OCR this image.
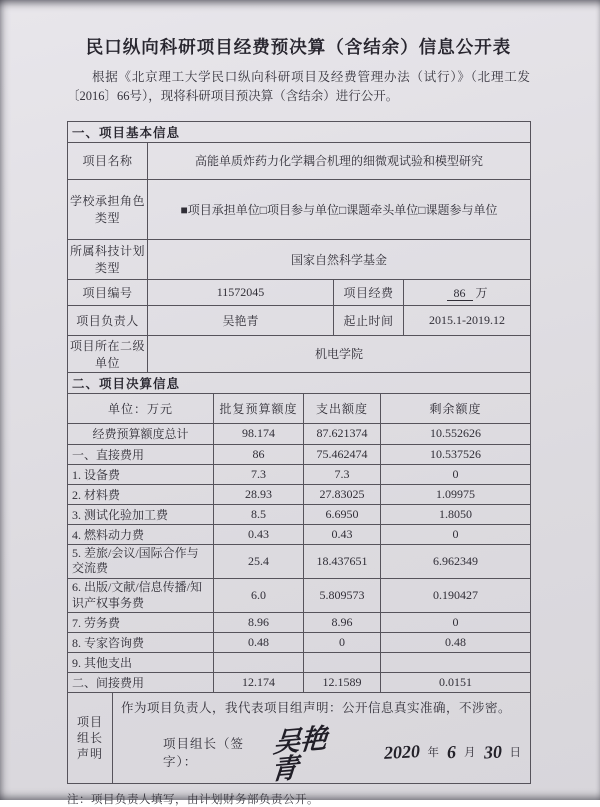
民口纵向科研项目经费预决算（含结余）信息公开表
根据《北京理工大学民口纵向科研项目及经费管理办法（试行）》（北理工发〔2016〕66号），现将科研项目预决算（含结余）进行公开。
一、项目基本信息			
项目名称	高能单质炸药力化学耦合机理的细微观试验和模型研究		
学校承担角色类型	■项目承担单位□项目参与单位□课题牵头单位□课题参与单位		
所属科技计划类型	国家自然科学基金		
项目编号	11572045	项目经费	86 万
项目负责人	吴艳青	起止时间	2015.1-2019.12
项目所在二级单位	机电学院		
二、项目决算信息			
单位：万元	批复预算额度	支出额度	剩余额度
经费预算额度总计	98.174	87.621374	10.552626
一、直接费用	86	75.462474	10.537526
1. 设备费	7.3	7.3	0
2. 材料费	28.93	27.83025	1.09975
3. 测试化验加工费	8.5	6.6950	1.8050
4. 燃料动力费	0.43	0.43	0
5. 差旅/会议/国际合作与交流费	25.4	18.437651	6.962349
6. 出版/文献/信息传播/知识产权事务费	6.0	5.809573	0.190427
7. 劳务费	8.96	8.96	0
8. 专家咨询费	0.48	0	0.48
9. 其他支出			
二、间接费用	12.174	12.1589	0.0151
项目
组长
声明

作为项目负责人，我代表项目组声明：公开信息真实准确，不涉密。
项目组长（签字）：
吴艳青
2020 年 6 月 30 日
注：项目负责人填写，由计划财务部负责公开。
